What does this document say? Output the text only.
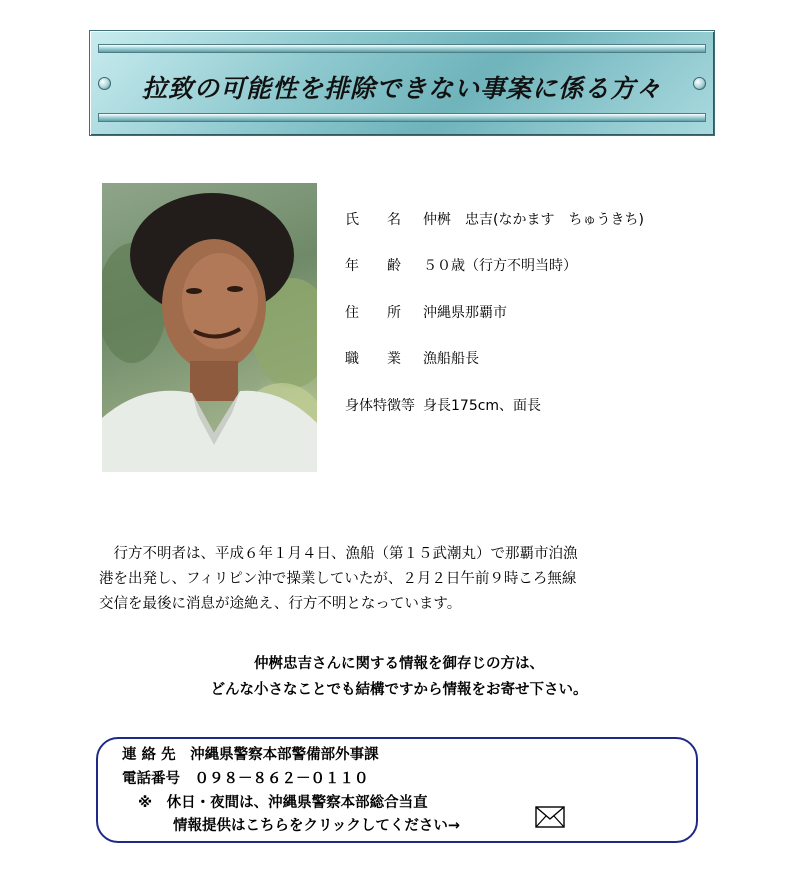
拉致の可能性を排除できない事案に係る方々
氏　　名 仲桝　忠吉(なかます　ちゅうきち)
年　　齢 ５０歳（行方不明当時）
住　　所 沖縄県那覇市
職　　業 漁船船長
身体特徴等 身長175cm、面長
　行方不明者は、平成６年１月４日、漁船（第１５武潮丸）で那覇市泊漁
港を出発し、フィリピン沖で操業していたが、２月２日午前９時ころ無線
交信を最後に消息が途絶え、行方不明となっています。
仲桝忠吉さんに関する情報を御存じの方は、
どんな小さなことでも結構ですから情報をお寄せ下さい。
連 絡 先　沖縄県警察本部警備部外事課
電話番号　０９８－８６２－０１１０
※　休日・夜間は、沖縄県警察本部総合当直
情報提供はこちらをクリックしてください→
